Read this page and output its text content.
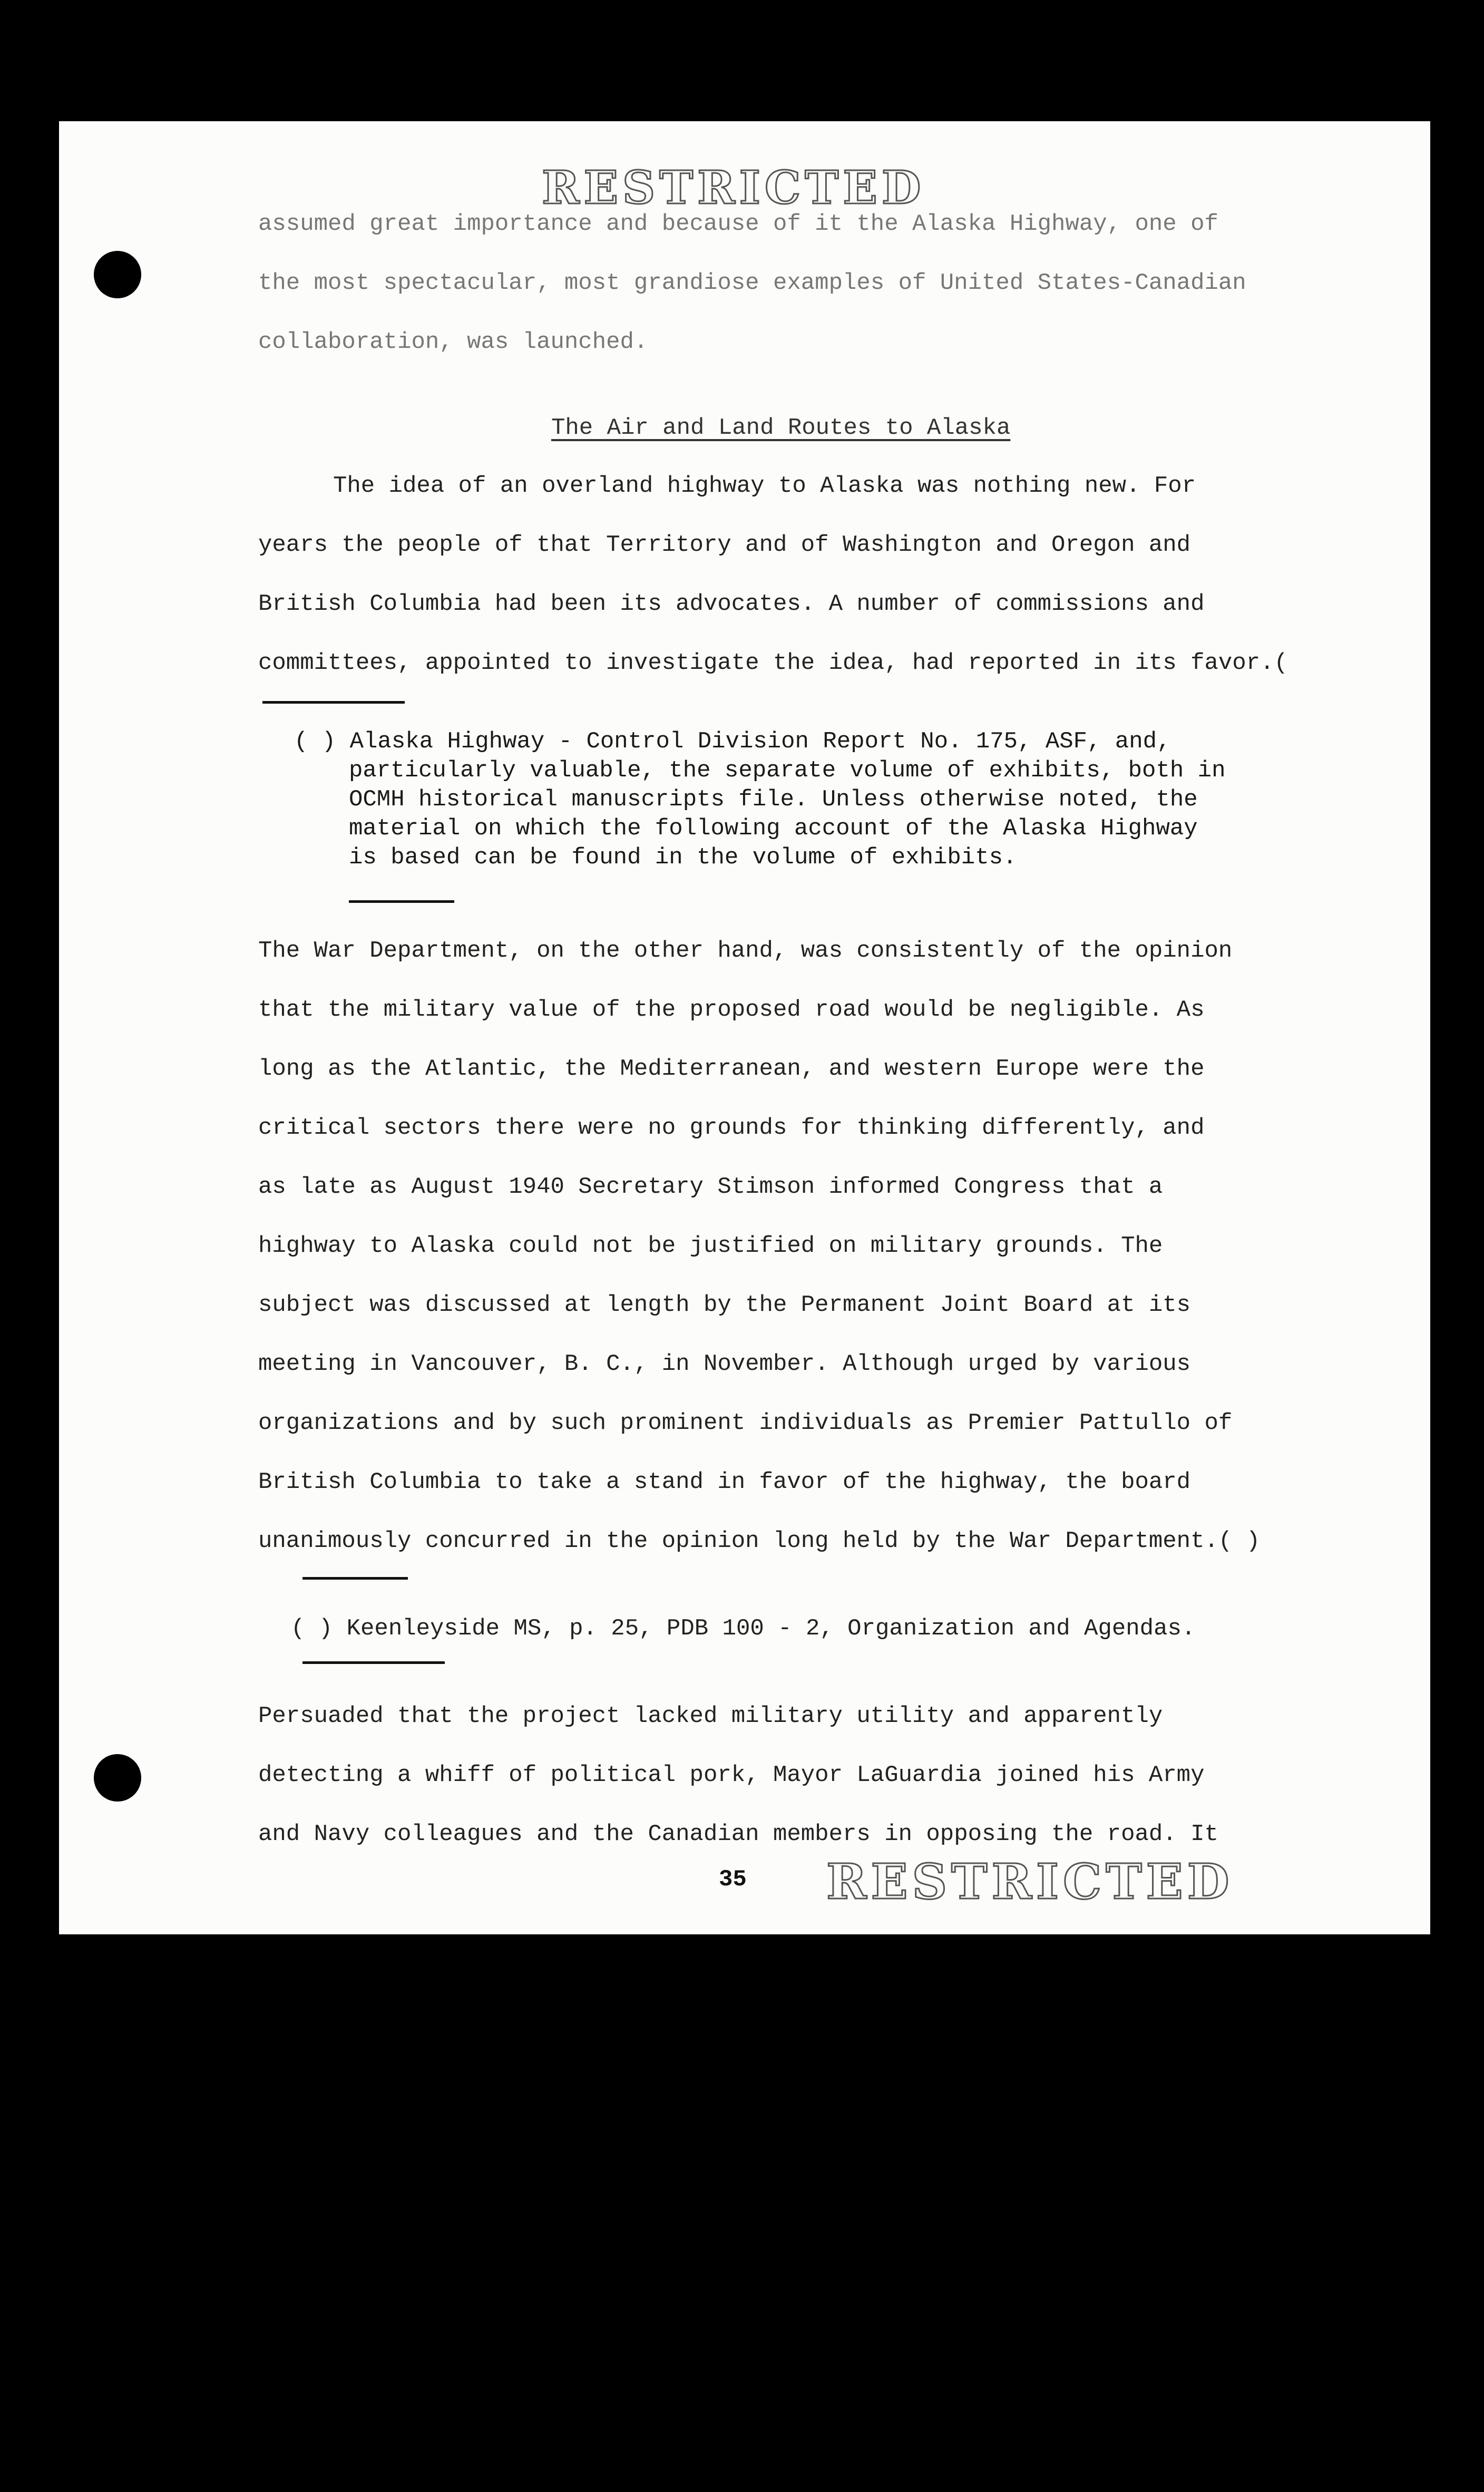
RESTRICTED
assumed great importance and because of it the Alaska Highway, one of
the most spectacular, most grandiose examples of United States-Canadian
collaboration, was launched.
The Air and Land Routes to Alaska
The idea of an overland highway to Alaska was nothing new. For
years the people of that Territory and of Washington and Oregon and
British Columbia had been its advocates. A number of commissions and
committees, appointed to investigate the idea, had reported in its favor.(
( ) Alaska Highway - Control Division Report No. 175, ASF, and,
particularly valuable, the separate volume of exhibits, both in
OCMH historical manuscripts file. Unless otherwise noted, the
material on which the following account of the Alaska Highway
is based can be found in the volume of exhibits.
The War Department, on the other hand, was consistently of the opinion
that the military value of the proposed road would be negligible. As
long as the Atlantic, the Mediterranean, and western Europe were the
critical sectors there were no grounds for thinking differently, and
as late as August 1940 Secretary Stimson informed Congress that a
highway to Alaska could not be justified on military grounds. The
subject was discussed at length by the Permanent Joint Board at its
meeting in Vancouver, B. C., in November. Although urged by various
organizations and by such prominent individuals as Premier Pattullo of
British Columbia to take a stand in favor of the highway, the board
unanimously concurred in the opinion long held by the War Department.( )
( ) Keenleyside MS, p. 25, PDB 100 - 2, Organization and Agendas.
Persuaded that the project lacked military utility and apparently
detecting a whiff of political pork, Mayor LaGuardia joined his Army
and Navy colleagues and the Canadian members in opposing the road. It
35 RESTRICTED
